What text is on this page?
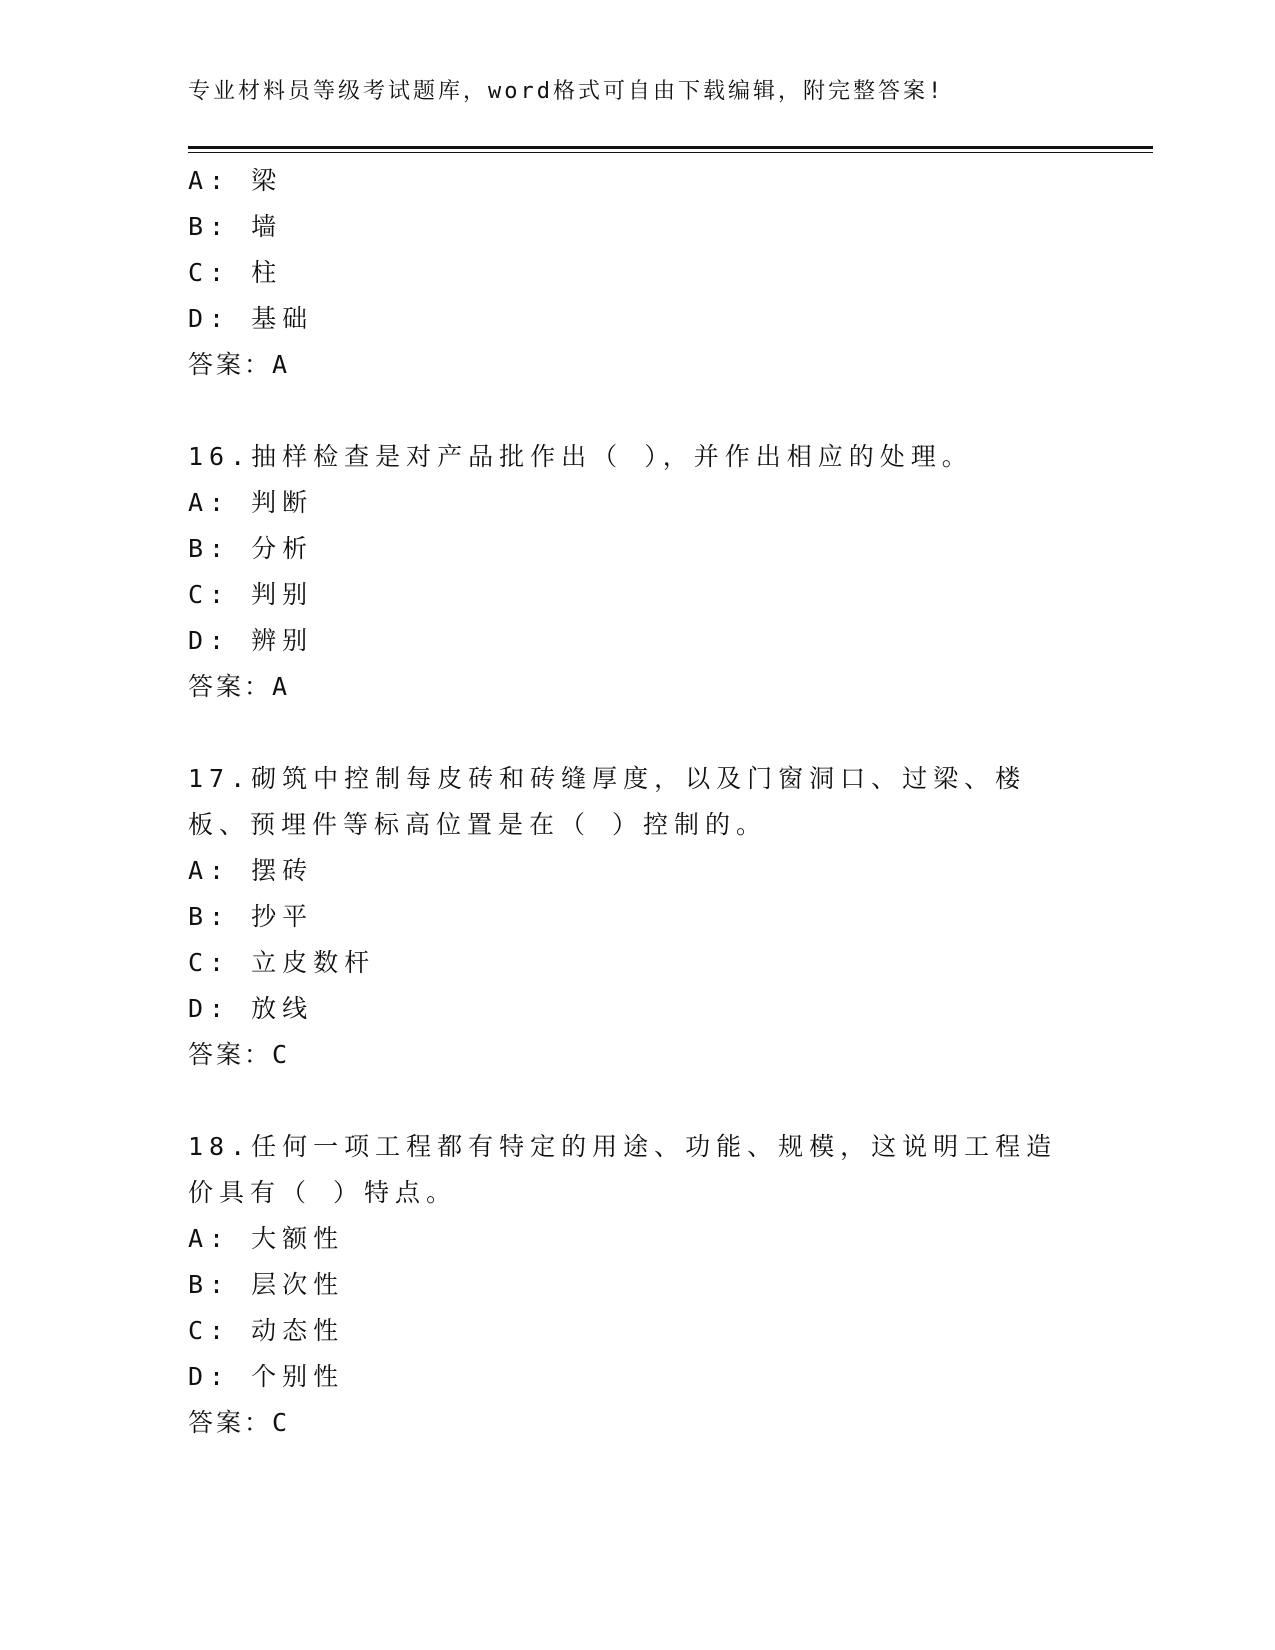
专业材料员等级考试题库，word格式可自由下载编辑，附完整答案!
A: 梁
B: 墙
C: 柱
D: 基础
答案：A
16.抽样检查是对产品批作出（ ），并作出相应的处理。
A: 判断
B: 分析
C: 判别
D: 辨别
答案：A
17.砌筑中控制每皮砖和砖缝厚度，以及门窗洞口、过梁、楼板、预埋件等标高位置是在（ ）控制的。
A: 摆砖
B: 抄平
C: 立皮数杆
D: 放线
答案：C
18.任何一项工程都有特定的用途、功能、规模，这说明工程造价具有（ ）特点。
A: 大额性
B: 层次性
C: 动态性
D: 个别性
答案：C
